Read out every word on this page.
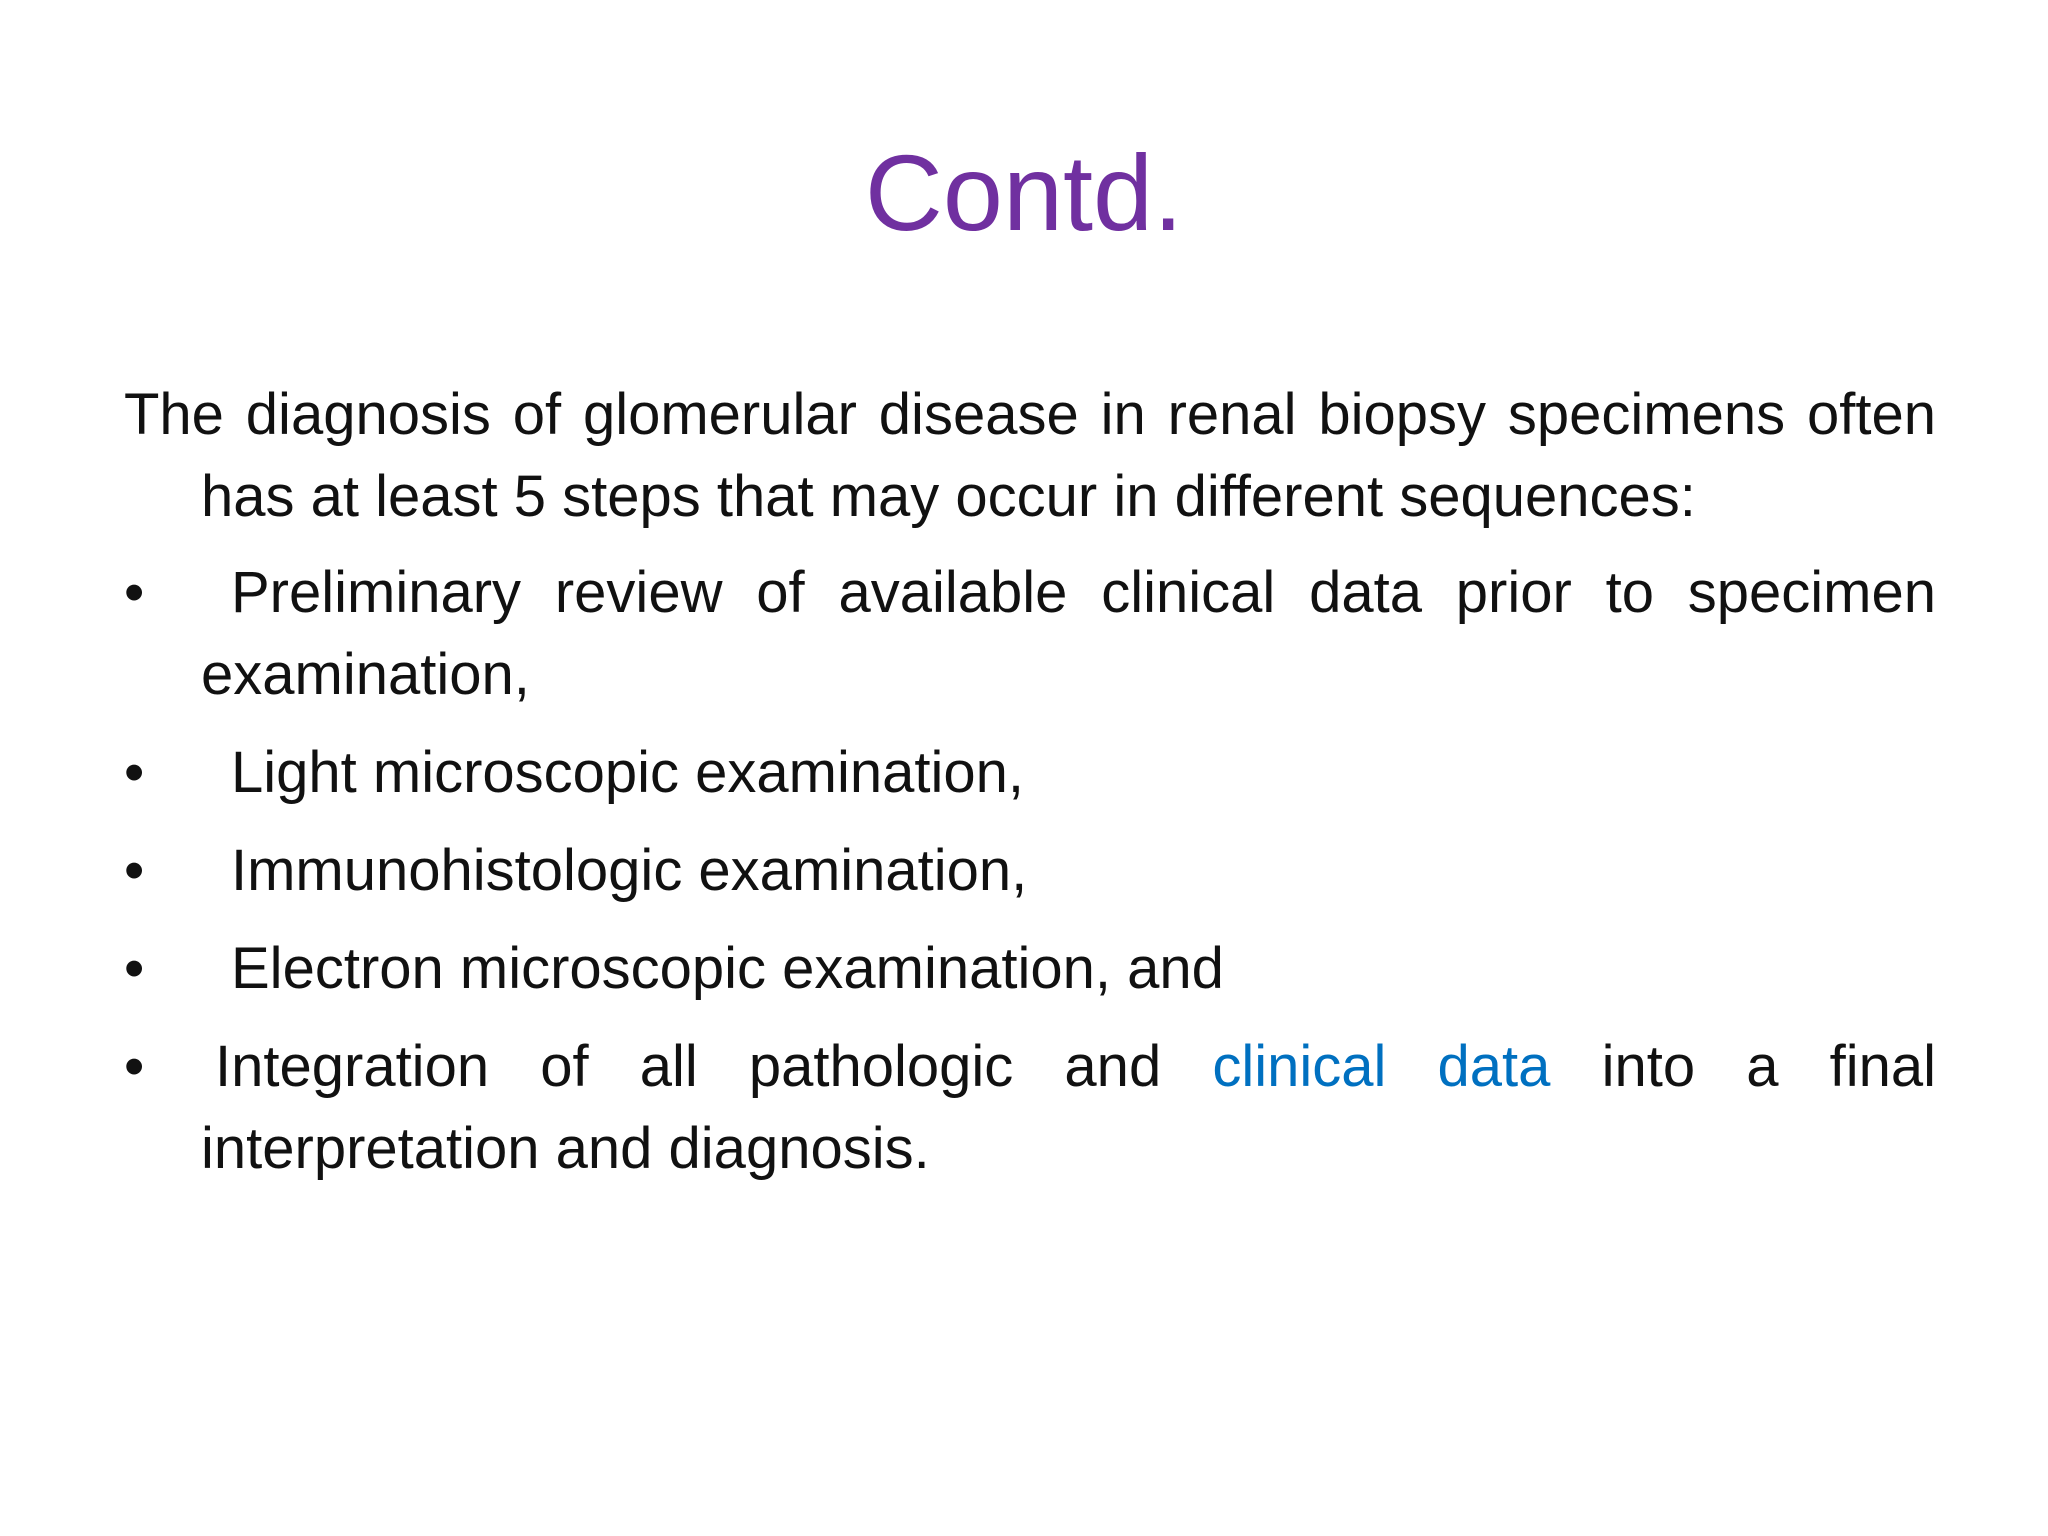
Contd.

The diagnosis of glomerular disease in renal biopsy specimens often has at least 5 steps that may occur in different sequences:

• Preliminary review of available clinical data prior to specimen examination,
• Light microscopic examination,
• Immunohistologic examination,
• Electron microscopic examination, and
• Integration of all pathologic and clinical data into a final interpretation and diagnosis.
